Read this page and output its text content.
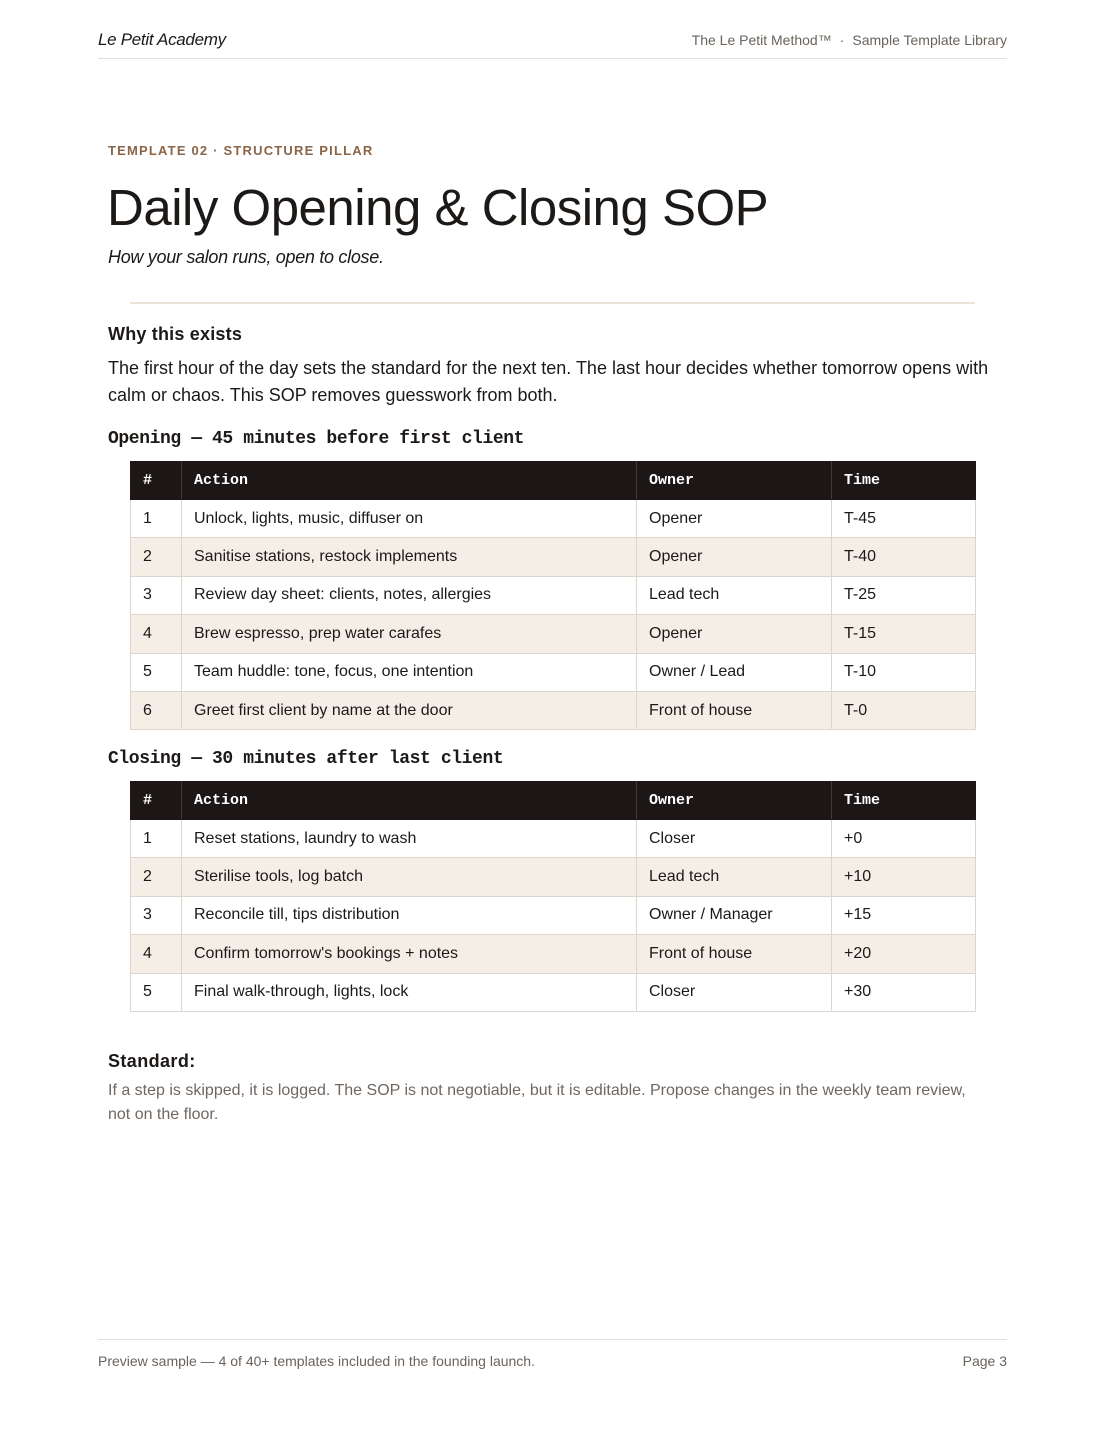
Le Petit Academy	The Le Petit Method™ · Sample Template Library
TEMPLATE 02 · STRUCTURE PILLAR
Daily Opening & Closing SOP
How your salon runs, open to close.
Why this exists
The first hour of the day sets the standard for the next ten. The last hour decides whether tomorrow opens with calm or chaos. This SOP removes guesswork from both.
Opening — 45 minutes before first client
#	Action	Owner	Time
1	Unlock, lights, music, diffuser on	Opener	T-45
2	Sanitise stations, restock implements	Opener	T-40
3	Review day sheet: clients, notes, allergies	Lead tech	T-25
4	Brew espresso, prep water carafes	Opener	T-15
5	Team huddle: tone, focus, one intention	Owner / Lead	T-10
6	Greet first client by name at the door	Front of house	T-0
Closing — 30 minutes after last client
#	Action	Owner	Time
1	Reset stations, laundry to wash	Closer	+0
2	Sterilise tools, log batch	Lead tech	+10
3	Reconcile till, tips distribution	Owner / Manager	+15
4	Confirm tomorrow's bookings + notes	Front of house	+20
5	Final walk-through, lights, lock	Closer	+30
Standard:
If a step is skipped, it is logged. The SOP is not negotiable, but it is editable. Propose changes in the weekly team review, not on the floor.
Preview sample — 4 of 40+ templates included in the founding launch.	Page 3
